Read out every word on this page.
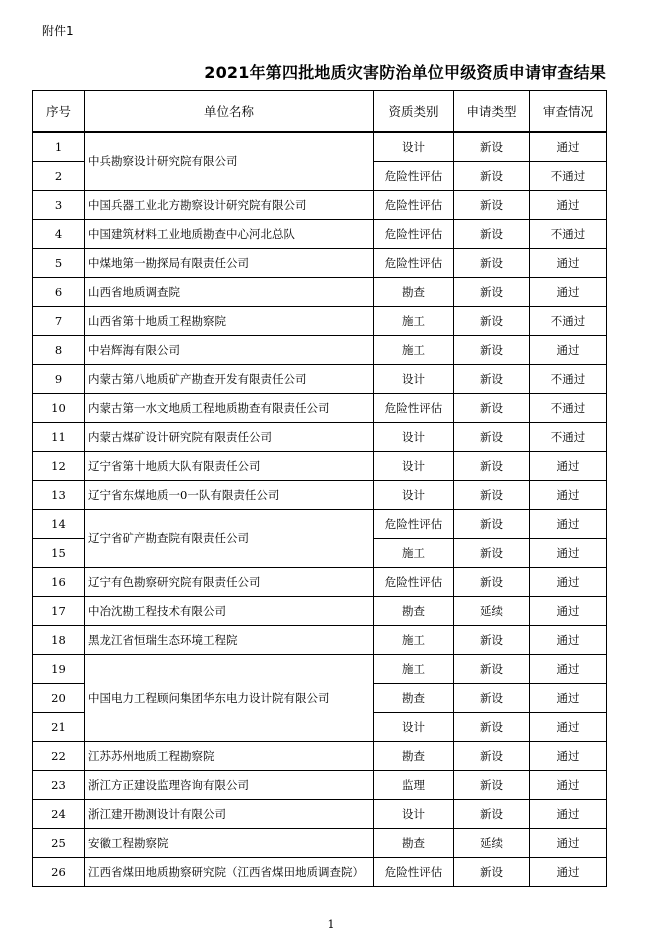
附件1
2021年第四批地质灾害防治单位甲级资质申请审查结果
序号	单位名称	资质类别	申请类型	审查情况
1	中兵勘察设计研究院有限公司	设计	新设	通过
2		危险性评估	新设	不通过
3	中国兵器工业北方勘察设计研究院有限公司	危险性评估	新设	通过
4	中国建筑材料工业地质勘查中心河北总队	危险性评估	新设	不通过
5	中煤地第一勘探局有限责任公司	危险性评估	新设	通过
6	山西省地质调查院	勘查	新设	通过
7	山西省第十地质工程勘察院	施工	新设	不通过
8	中岩辉海有限公司	施工	新设	通过
9	内蒙古第八地质矿产勘查开发有限责任公司	设计	新设	不通过
10	内蒙古第一水文地质工程地质勘查有限责任公司	危险性评估	新设	不通过
11	内蒙古煤矿设计研究院有限责任公司	设计	新设	不通过
12	辽宁省第十地质大队有限责任公司	设计	新设	通过
13	辽宁省东煤地质一0一队有限责任公司	设计	新设	通过
14	辽宁省矿产勘查院有限责任公司	危险性评估	新设	通过
15		施工	新设	通过
16	辽宁有色勘察研究院有限责任公司	危险性评估	新设	通过
17	中冶沈勘工程技术有限公司	勘查	延续	通过
18	黑龙江省恒瑞生态环境工程院	施工	新设	通过
19	中国电力工程顾问集团华东电力设计院有限公司	施工	新设	通过
20		勘查	新设	通过
21		设计	新设	通过
22	江苏苏州地质工程勘察院	勘查	新设	通过
23	浙江方正建设监理咨询有限公司	监理	新设	通过
24	浙江建开勘测设计有限公司	设计	新设	通过
25	安徽工程勘察院	勘查	延续	通过
26	江西省煤田地质勘察研究院（江西省煤田地质调查院）	危险性评估	新设	通过
1
